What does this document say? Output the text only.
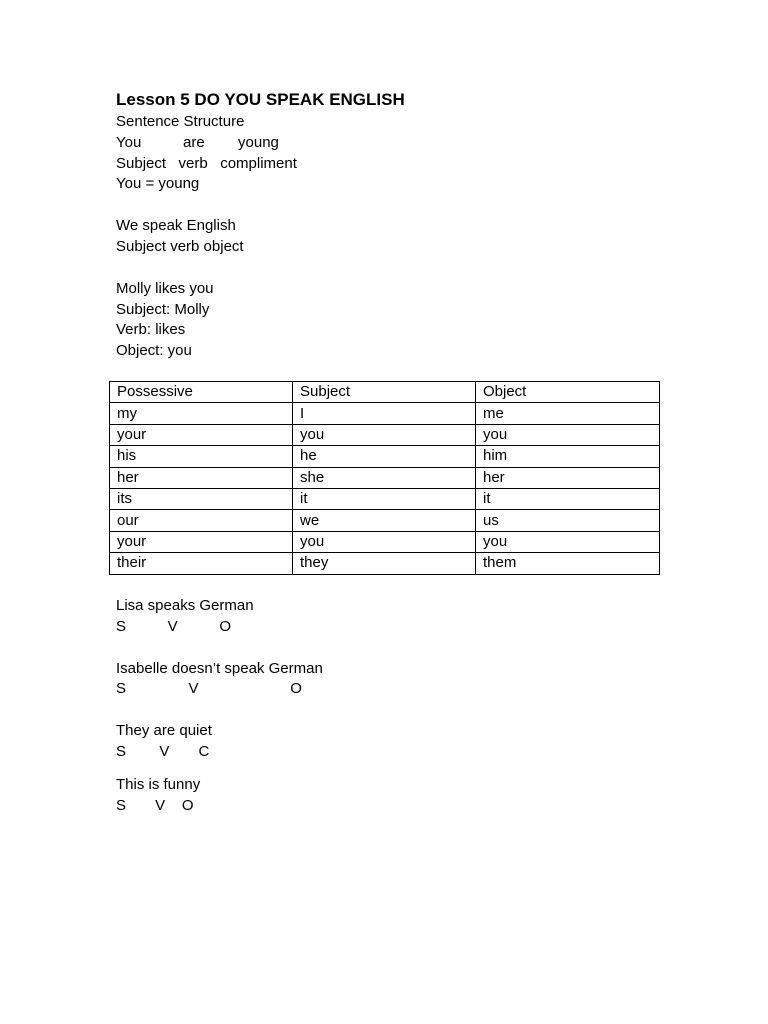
Lesson 5 DO YOU SPEAK ENGLISH
Sentence Structure
You          are        young
Subject   verb   compliment
You = young
We speak English
Subject verb object
Molly likes you
Subject: Molly
Verb: likes
Object: you
Possessive	Subject	Object
my	I	me
your	you	you
his	he	him
her	she	her
its	it	it
our	we	us
your	you	you
their	they	them
Lisa speaks German
S          V          O
Isabelle doesn’t speak German
S               V                      O
They are quiet
S        V       C
This is funny
S       V    O
